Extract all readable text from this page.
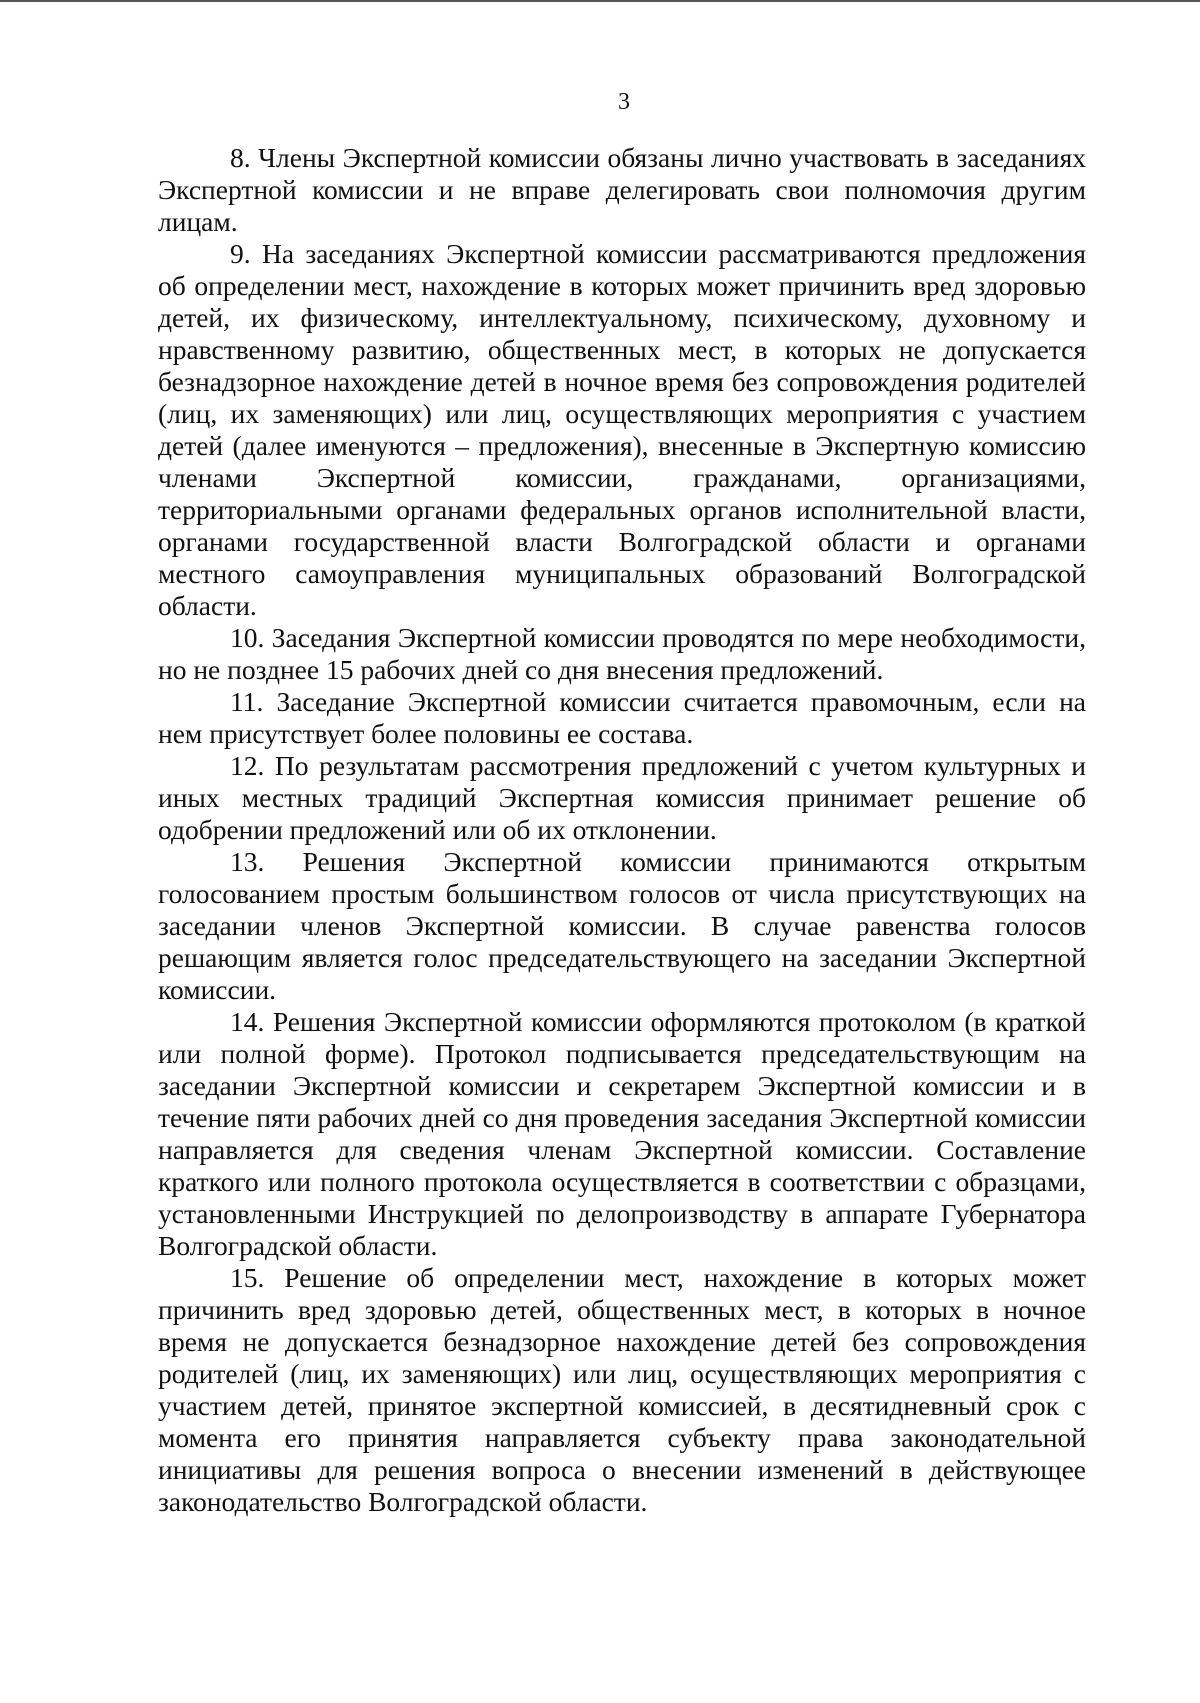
3

8. Члены Экспертной комиссии обязаны лично участвовать в заседаниях Экспертной комиссии и не вправе делегировать свои полномочия другим лицам.

9. На заседаниях Экспертной комиссии рассматриваются предложения об определении мест, нахождение в которых может причинить вред здоровью детей, их физическому, интеллектуальному, психическому, духовному и нравственному развитию, общественных мест, в которых не допускается безнадзорное нахождение детей в ночное время без сопровождения родителей (лиц, их заменяющих) или лиц, осуществляющих мероприятия с участием детей (далее именуются – предложения), внесенные в Экспертную комиссию членами Экспертной комиссии, гражданами, организациями, территориальными органами федеральных органов исполнительной власти, органами государственной власти Волгоградской области и органами местного самоуправления муниципальных образований Волгоградской области.

10. Заседания Экспертной комиссии проводятся по мере необходимости, но не позднее 15 рабочих дней со дня внесения предложений.

11. Заседание Экспертной комиссии считается правомочным, если на нем присутствует более половины ее состава.

12. По результатам рассмотрения предложений с учетом культурных и иных местных традиций Экспертная комиссия принимает решение об одобрении предложений или об их отклонении.

13. Решения Экспертной комиссии принимаются открытым голосованием простым большинством голосов от числа присутствующих на заседании членов Экспертной комиссии. В случае равенства голосов решающим является голос председательствующего на заседании Экспертной комиссии.

14. Решения Экспертной комиссии оформляются протоколом (в краткой или полной форме). Протокол подписывается председательствующим на заседании Экспертной комиссии и секретарем Экспертной комиссии и в течение пяти рабочих дней со дня проведения заседания Экспертной комиссии направляется для сведения членам Экспертной комиссии. Составление краткого или полного протокола осуществляется в соответствии с образцами, установленными Инструкцией по делопроизводству в аппарате Губернатора Волгоградской области.

15. Решение об определении мест, нахождение в которых может причинить вред здоровью детей, общественных мест, в которых в ночное время не допускается безнадзорное нахождение детей без сопровождения родителей (лиц, их заменяющих) или лиц, осуществляющих мероприятия с участием детей, принятое экспертной комиссией, в десятидневный срок с момента его принятия направляется субъекту права законодательной инициативы для решения вопроса о внесении изменений в действующее законодательство Волгоградской области.
